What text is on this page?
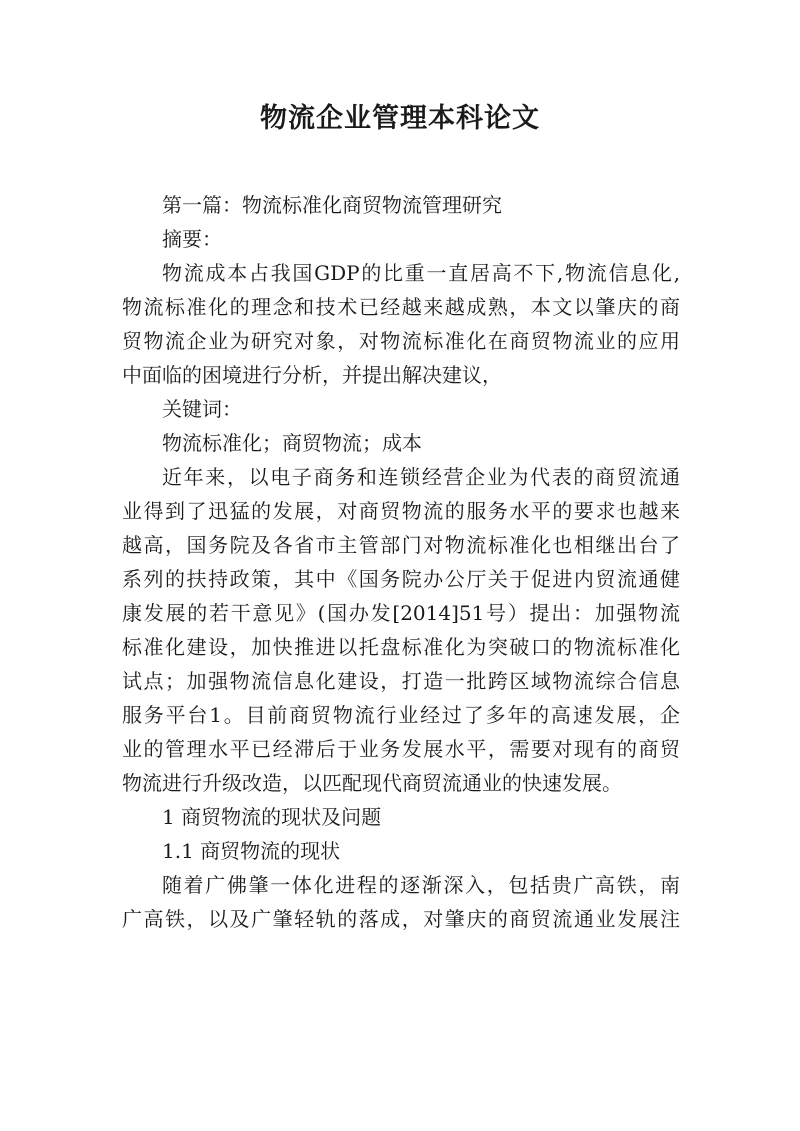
物流企业管理本科论文

第一篇：物流标准化商贸物流管理研究

摘要：

物流成本占我国GDP的比重一直居高不下,物流信息化,

物流标准化的理念和技术已经越来越成熟，本文以肇庆的商

贸物流企业为研究对象，对物流标准化在商贸物流业的应用

中面临的困境进行分析，并提出解决建议，

关键词：

物流标准化；商贸物流；成本

近年来，以电子商务和连锁经营企业为代表的商贸流通

业得到了迅猛的发展，对商贸物流的服务水平的要求也越来

越高，国务院及各省市主管部门对物流标准化也相继出台了

系列的扶持政策，其中《国务院办公厅关于促进内贸流通健

康发展的若干意见》(国办发[2014]51号）提出：加强物流

标准化建设，加快推进以托盘标准化为突破口的物流标准化

试点；加强物流信息化建设，打造一批跨区域物流综合信息

服务平台1。目前商贸物流行业经过了多年的高速发展，企

业的管理水平已经滞后于业务发展水平，需要对现有的商贸

物流进行升级改造，以匹配现代商贸流通业的快速发展。

1 商贸物流的现状及问题

1.1 商贸物流的现状

随着广佛肇一体化进程的逐渐深入，包括贵广高铁，南

广高铁，以及广肇轻轨的落成，对肇庆的商贸流通业发展注
